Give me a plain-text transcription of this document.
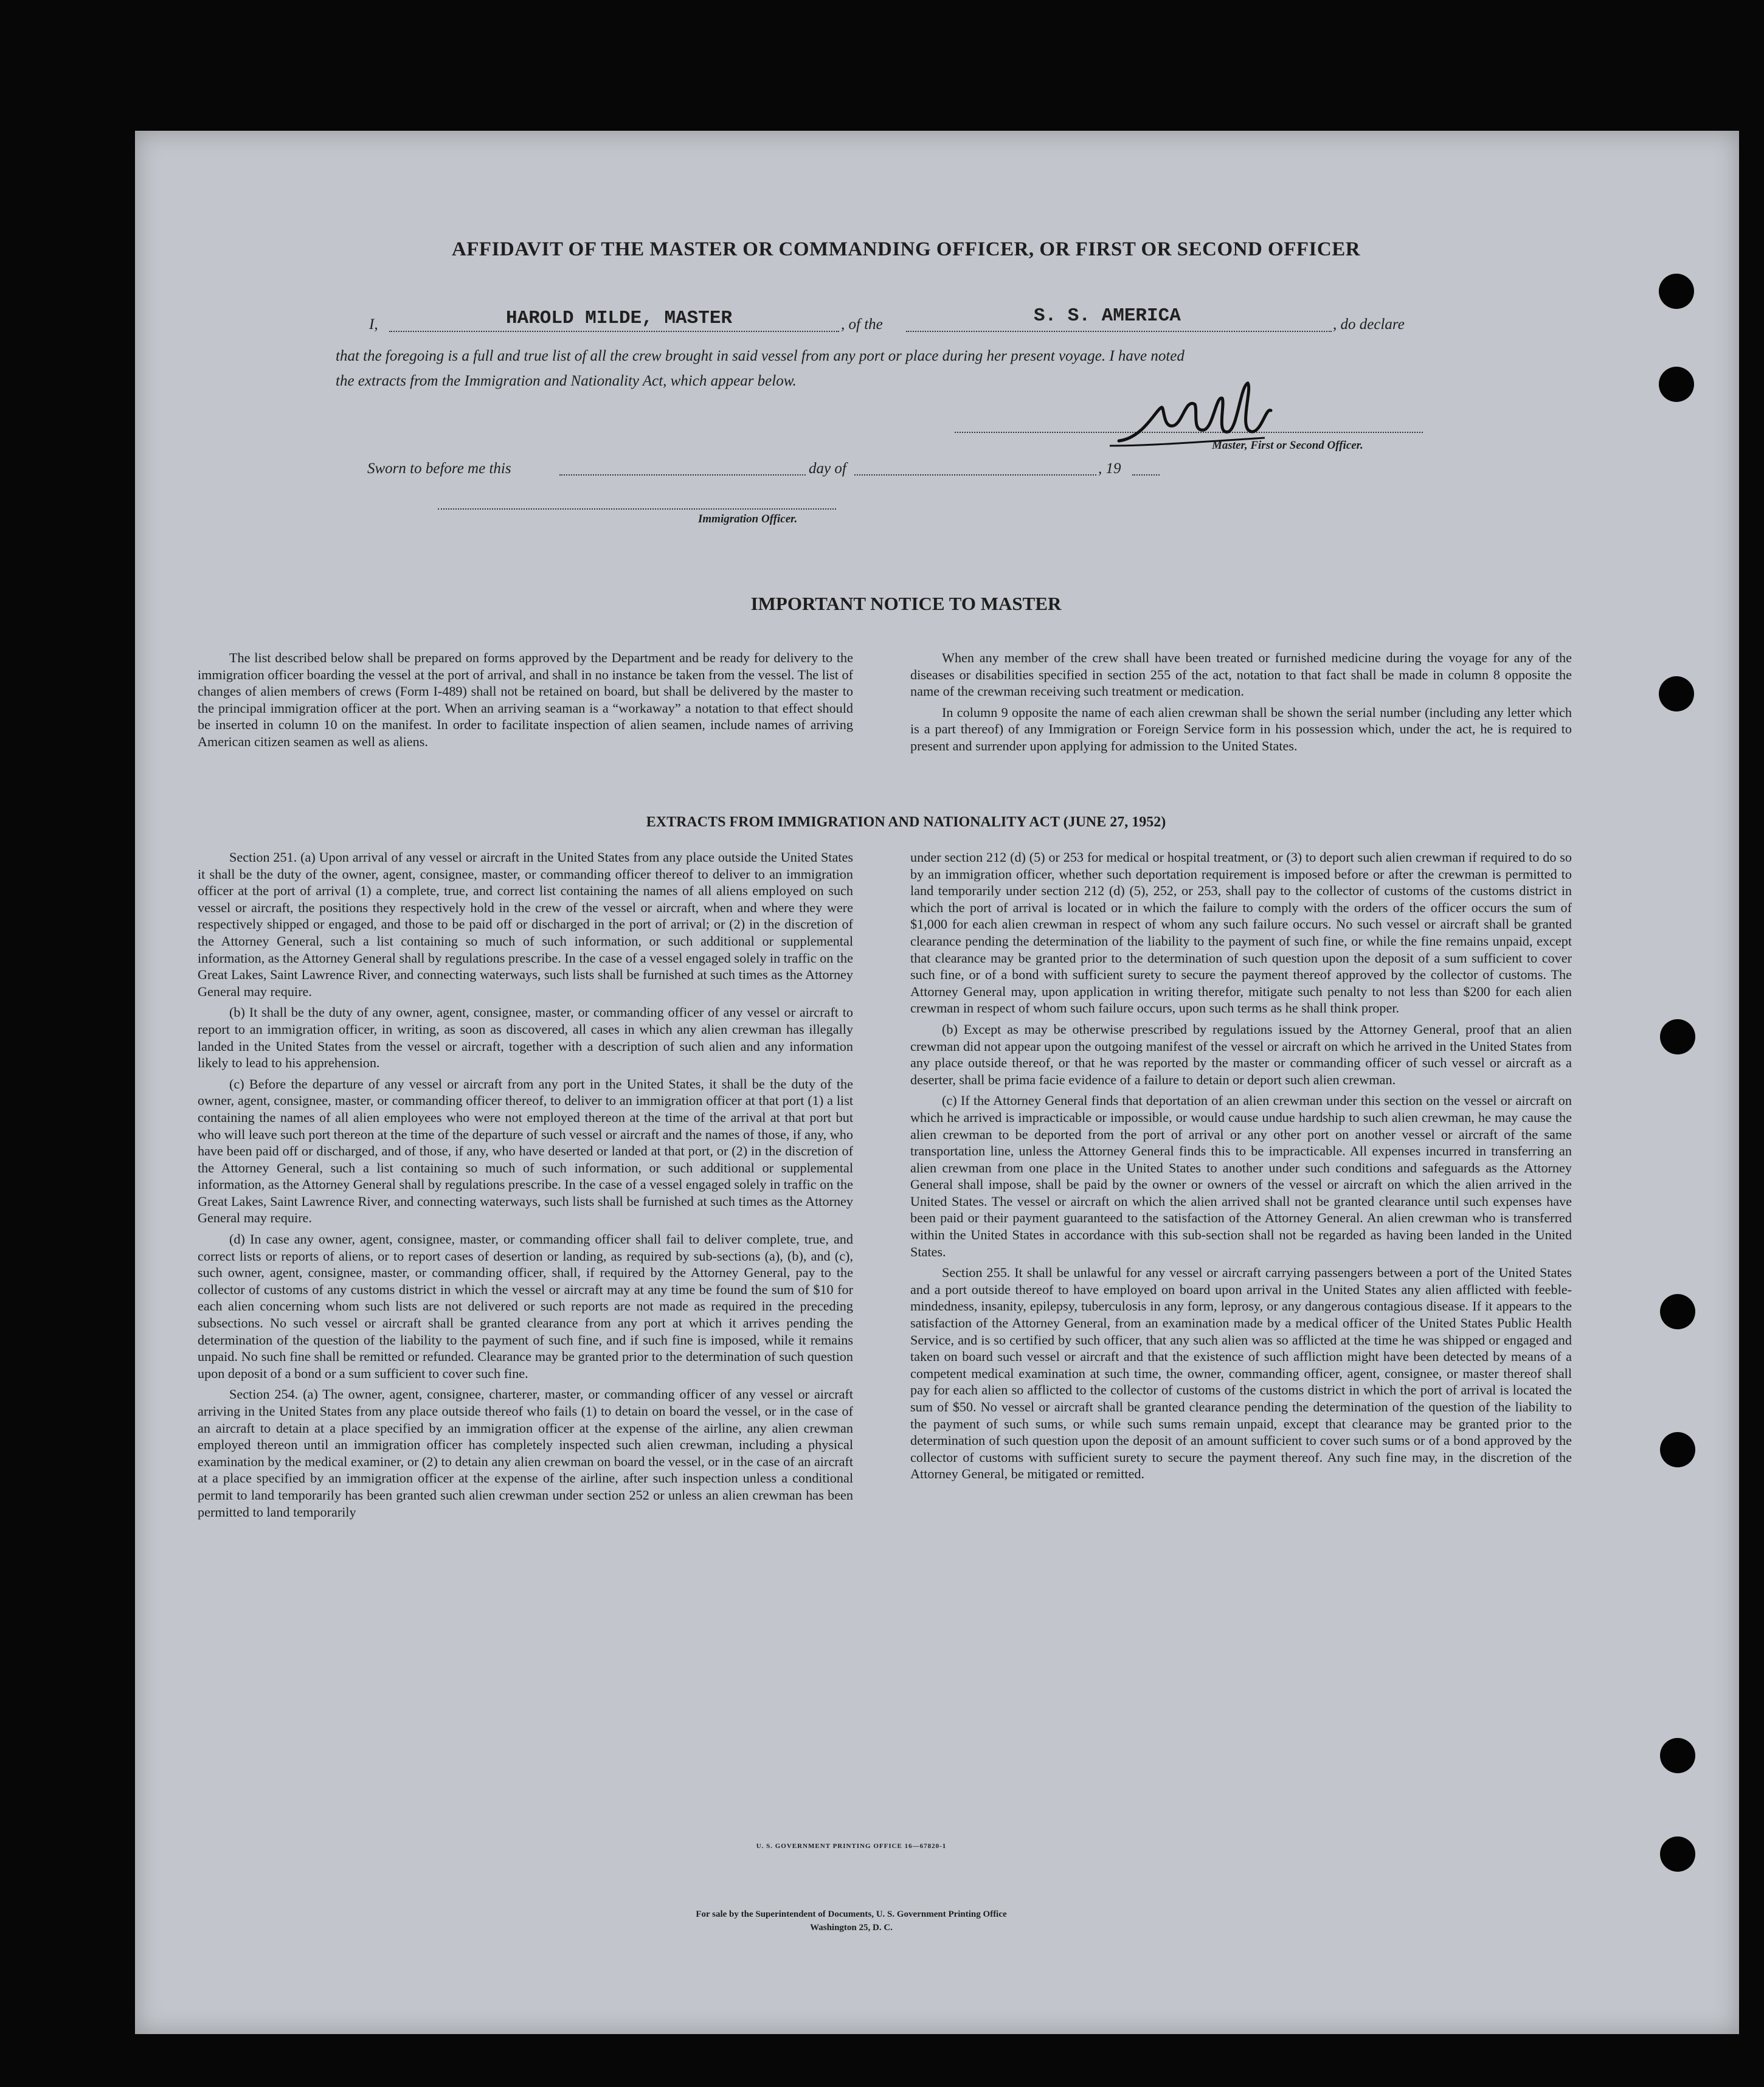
AFFIDAVIT OF THE MASTER OR COMMANDING OFFICER, OR FIRST OR SECOND OFFICER
I,	HAROLD MILDE, MASTER	, of the	S. S. AMERICA	, do declare
that the foregoing is a full and true list of all the crew brought in said vessel from any port or place during her present voyage. I have noted
the extracts from the Immigration and Nationality Act, which appear below.
Master, First or Second Officer.
Sworn to before me this	day of	, 19
Immigration Officer.
IMPORTANT NOTICE TO MASTER

The list described below shall be prepared on forms approved by the Department and be ready for delivery to the immigration officer boarding the vessel at the port of arrival, and shall in no instance be taken from the vessel. The list of changes of alien members of crews (Form I-489) shall not be retained on board, but shall be delivered by the master to the principal immigration officer at the port. When an arriving seaman is a “workaway” a notation to that effect should be inserted in column 10 on the manifest. In order to facilitate inspection of alien seamen, include names of arriving American citizen seamen as well as aliens.

When any member of the crew shall have been treated or furnished medicine during the voyage for any of the diseases or disabilities specified in section 255 of the act, notation to that fact shall be made in column 8 opposite the name of the crewman receiving such treatment or medication.

In column 9 opposite the name of each alien crewman shall be shown the serial number (including any letter which is a part thereof) of any Immigration or Foreign Service form in his possession which, under the act, he is required to present and surrender upon applying for admission to the United States.

EXTRACTS FROM IMMIGRATION AND NATIONALITY ACT (JUNE 27, 1952)

Section 251. (a) Upon arrival of any vessel or aircraft in the United States from any place outside the United States it shall be the duty of the owner, agent, consignee, master, or commanding officer thereof to deliver to an immigration officer at the port of arrival (1) a complete, true, and correct list containing the names of all aliens employed on such vessel or aircraft, the positions they respectively hold in the crew of the vessel or aircraft, when and where they were respectively shipped or engaged, and those to be paid off or discharged in the port of arrival; or (2) in the discretion of the Attorney General, such a list containing so much of such information, or such additional or supplemental information, as the Attorney General shall by regulations prescribe. In the case of a vessel engaged solely in traffic on the Great Lakes, Saint Lawrence River, and connecting waterways, such lists shall be furnished at such times as the Attorney General may require.

(b) It shall be the duty of any owner, agent, consignee, master, or commanding officer of any vessel or aircraft to report to an immigration officer, in writing, as soon as discovered, all cases in which any alien crewman has illegally landed in the United States from the vessel or aircraft, together with a description of such alien and any information likely to lead to his apprehension.

(c) Before the departure of any vessel or aircraft from any port in the United States, it shall be the duty of the owner, agent, consignee, master, or commanding officer thereof, to deliver to an immigration officer at that port (1) a list containing the names of all alien employees who were not employed thereon at the time of the arrival at that port but who will leave such port thereon at the time of the departure of such vessel or aircraft and the names of those, if any, who have been paid off or discharged, and of those, if any, who have deserted or landed at that port, or (2) in the discretion of the Attorney General, such a list containing so much of such information, or such additional or supplemental information, as the Attorney General shall by regulations prescribe. In the case of a vessel engaged solely in traffic on the Great Lakes, Saint Lawrence River, and connecting waterways, such lists shall be furnished at such times as the Attorney General may require.

(d) In case any owner, agent, consignee, master, or commanding officer shall fail to deliver complete, true, and correct lists or reports of aliens, or to report cases of desertion or landing, as required by sub-sections (a), (b), and (c), such owner, agent, consignee, master, or commanding officer, shall, if required by the Attorney General, pay to the collector of customs of any customs district in which the vessel or aircraft may at any time be found the sum of $10 for each alien concerning whom such lists are not delivered or such reports are not made as required in the preceding subsections. No such vessel or aircraft shall be granted clearance from any port at which it arrives pending the determination of the question of the liability to the payment of such fine, and if such fine is imposed, while it remains unpaid. No such fine shall be remitted or refunded. Clearance may be granted prior to the determination of such question upon deposit of a bond or a sum sufficient to cover such fine.

Section 254. (a) The owner, agent, consignee, charterer, master, or commanding officer of any vessel or aircraft arriving in the United States from any place outside thereof who fails (1) to detain on board the vessel, or in the case of an aircraft to detain at a place specified by an immigration officer at the expense of the airline, any alien crewman employed thereon until an immigration officer has completely inspected such alien crewman, including a physical examination by the medical examiner, or (2) to detain any alien crewman on board the vessel, or in the case of an aircraft at a place specified by an immigration officer at the expense of the airline, after such inspection unless a conditional permit to land temporarily has been granted such alien crewman under section 252 or unless an alien crewman has been permitted to land temporarily

under section 212 (d) (5) or 253 for medical or hospital treatment, or (3) to deport such alien crewman if required to do so by an immigration officer, whether such deportation requirement is imposed before or after the crewman is permitted to land temporarily under section 212 (d) (5), 252, or 253, shall pay to the collector of customs of the customs district in which the port of arrival is located or in which the failure to comply with the orders of the officer occurs the sum of $1,000 for each alien crewman in respect of whom any such failure occurs. No such vessel or aircraft shall be granted clearance pending the determination of the liability to the payment of such fine, or while the fine remains unpaid, except that clearance may be granted prior to the determination of such question upon the deposit of a sum sufficient to cover such fine, or of a bond with sufficient surety to secure the payment thereof approved by the collector of customs. The Attorney General may, upon application in writing therefor, mitigate such penalty to not less than $200 for each alien crewman in respect of whom such failure occurs, upon such terms as he shall think proper.

(b) Except as may be otherwise prescribed by regulations issued by the Attorney General, proof that an alien crewman did not appear upon the outgoing manifest of the vessel or aircraft on which he arrived in the United States from any place outside thereof, or that he was reported by the master or commanding officer of such vessel or aircraft as a deserter, shall be prima facie evidence of a failure to detain or deport such alien crewman.

(c) If the Attorney General finds that deportation of an alien crewman under this section on the vessel or aircraft on which he arrived is impracticable or impossible, or would cause undue hardship to such alien crewman, he may cause the alien crewman to be deported from the port of arrival or any other port on another vessel or aircraft of the same transportation line, unless the Attorney General finds this to be impracticable. All expenses incurred in transferring an alien crewman from one place in the United States to another under such conditions and safeguards as the Attorney General shall impose, shall be paid by the owner or owners of the vessel or aircraft on which the alien arrived in the United States. The vessel or aircraft on which the alien arrived shall not be granted clearance until such expenses have been paid or their payment guaranteed to the satisfaction of the Attorney General. An alien crewman who is transferred within the United States in accordance with this sub-section shall not be regarded as having been landed in the United States.

Section 255. It shall be unlawful for any vessel or aircraft carrying passengers between a port of the United States and a port outside thereof to have employed on board upon arrival in the United States any alien afflicted with feeble-mindedness, insanity, epilepsy, tuberculosis in any form, leprosy, or any dangerous contagious disease. If it appears to the satisfaction of the Attorney General, from an examination made by a medical officer of the United States Public Health Service, and is so certified by such officer, that any such alien was so afflicted at the time he was shipped or engaged and taken on board such vessel or aircraft and that the existence of such affliction might have been detected by means of a competent medical examination at such time, the owner, commanding officer, agent, consignee, or master thereof shall pay for each alien so afflicted to the collector of customs of the customs district in which the port of arrival is located the sum of $50. No vessel or aircraft shall be granted clearance pending the determination of the question of the liability to the payment of such sums, or while such sums remain unpaid, except that clearance may be granted prior to the determination of such question upon the deposit of an amount sufficient to cover such sums or of a bond approved by the collector of customs with sufficient surety to secure the payment thereof. Any such fine may, in the discretion of the Attorney General, be mitigated or remitted.

U. S. GOVERNMENT PRINTING OFFICE 16—67820-1
For sale by the Superintendent of Documents, U. S. Government Printing Office
Washington 25, D. C.
